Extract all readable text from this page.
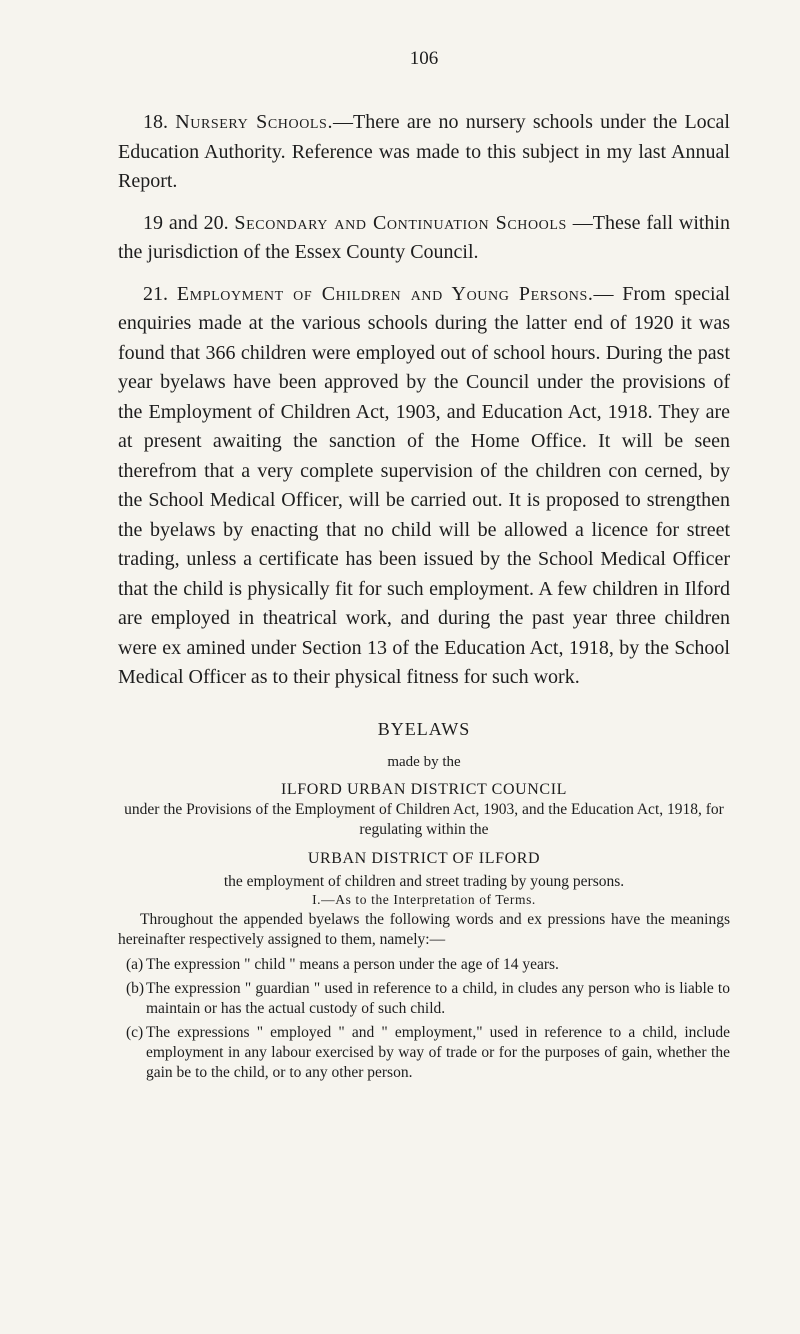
106

18. Nursery Schools.—There are no nursery schools under the Local Education Authority. Reference was made to this subject in my last Annual Report.

19 and 20. Secondary and Continuation Schools —These fall within the jurisdiction of the Essex County Council.

21. Employment of Children and Young Persons.— From special enquiries made at the various schools during the latter end of 1920 it was found that 366 children were employed out of school hours. During the past year byelaws have been approved by the Council under the provisions of the Employment of Children Act, 1903, and Education Act, 1918. They are at present awaiting the sanction of the Home Office. It will be seen therefrom that a very complete supervision of the children con cerned, by the School Medical Officer, will be carried out. It is proposed to strengthen the byelaws by enacting that no child will be allowed a licence for street trading, unless a certificate has been issued by the School Medical Officer that the child is physically fit for such employment. A few children in Ilford are employed in theatrical work, and during the past year three children were ex amined under Section 13 of the Education Act, 1918, by the School Medical Officer as to their physical fitness for such work.

BYELAWS

made by the

ILFORD URBAN DISTRICT COUNCIL

under the Provisions of the Employment of Children Act, 1903, and the Education Act, 1918, for regulating within the

URBAN DISTRICT OF ILFORD

the employment of children and street trading by young persons.

I.—As to the Interpretation of Terms.

Throughout the appended byelaws the following words and ex pressions have the meanings hereinafter respectively assigned to them, namely:—

(a) The expression " child " means a person under the age of 14 years.
(b) The expression " guardian " used in reference to a child, in cludes any person who is liable to maintain or has the actual custody of such child.
(c) The expressions " employed " and " employment," used in reference to a child, include employment in any labour exercised by way of trade or for the purposes of gain, whether the gain be to the child, or to any other person.
